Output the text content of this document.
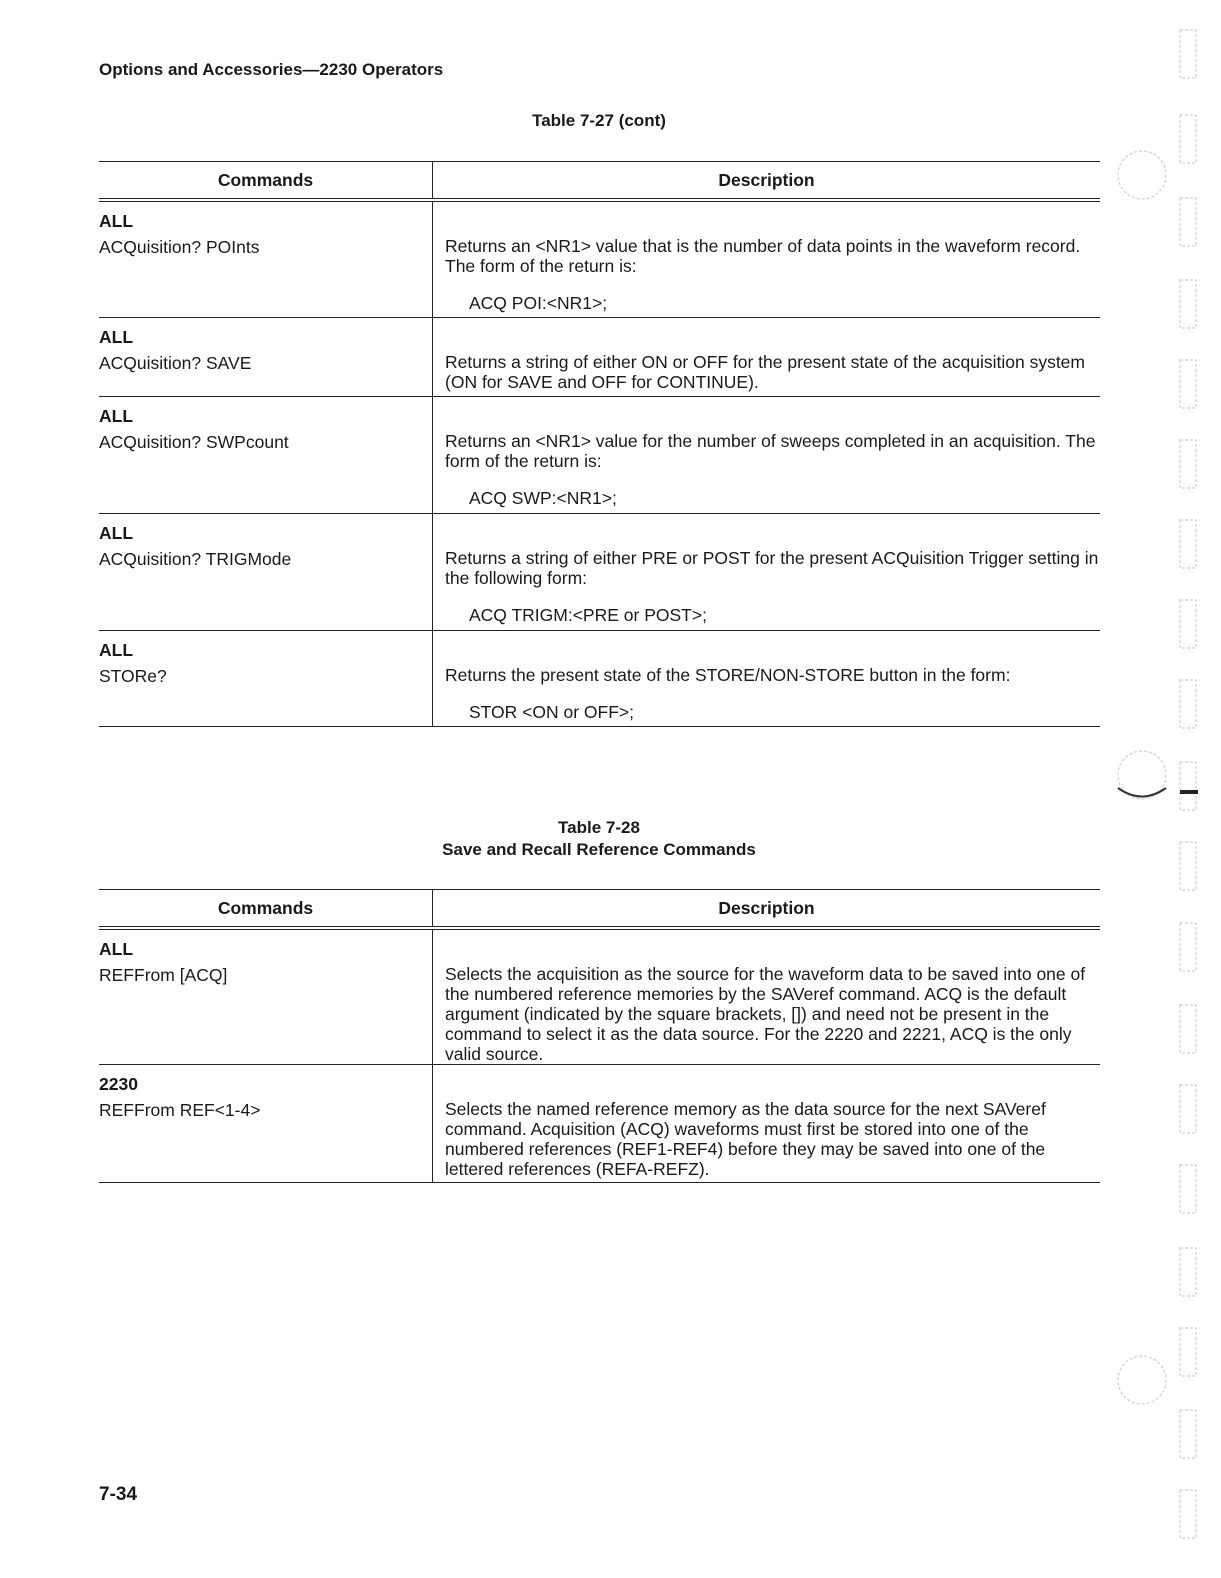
Options and Accessories—2230 Operators
Table 7-27 (cont)
Commands	Description

ALL
ACQuisition? POInts	Returns an <NR1> value that is the number of data points in the waveform record. The form of the return is:
ACQ POI:<NR1>;

ALL
ACQuisition? SAVE	Returns a string of either ON or OFF for the present state of the acquisition system (ON for SAVE and OFF for CONTINUE).

ALL
ACQuisition? SWPcount	Returns an <NR1> value for the number of sweeps completed in an acquisition. The form of the return is:
ACQ SWP:<NR1>;

ALL
ACQuisition? TRIGMode	Returns a string of either PRE or POST for the present ACQuisition Trigger setting in the following form:
ACQ TRIGM:<PRE or POST>;

ALL
STORe?	Returns the present state of the STORE/NON-STORE button in the form:
STOR <ON or OFF>;
Table 7-28
Save and Recall Reference Commands
Commands	Description

ALL
REFFrom [ACQ]	Selects the acquisition as the source for the waveform data to be saved into one of the numbered reference memories by the SAVeref command. ACQ is the default argument (indicated by the square brackets, []) and need not be present in the command to select it as the data source. For the 2220 and 2221, ACQ is the only valid source.

2230
REFFrom REF<1-4>	Selects the named reference memory as the data source for the next SAVeref command. Acquisition (ACQ) waveforms must first be stored into one of the numbered references (REF1-REF4) before they may be saved into one of the lettered references (REFA-REFZ).
7-34
